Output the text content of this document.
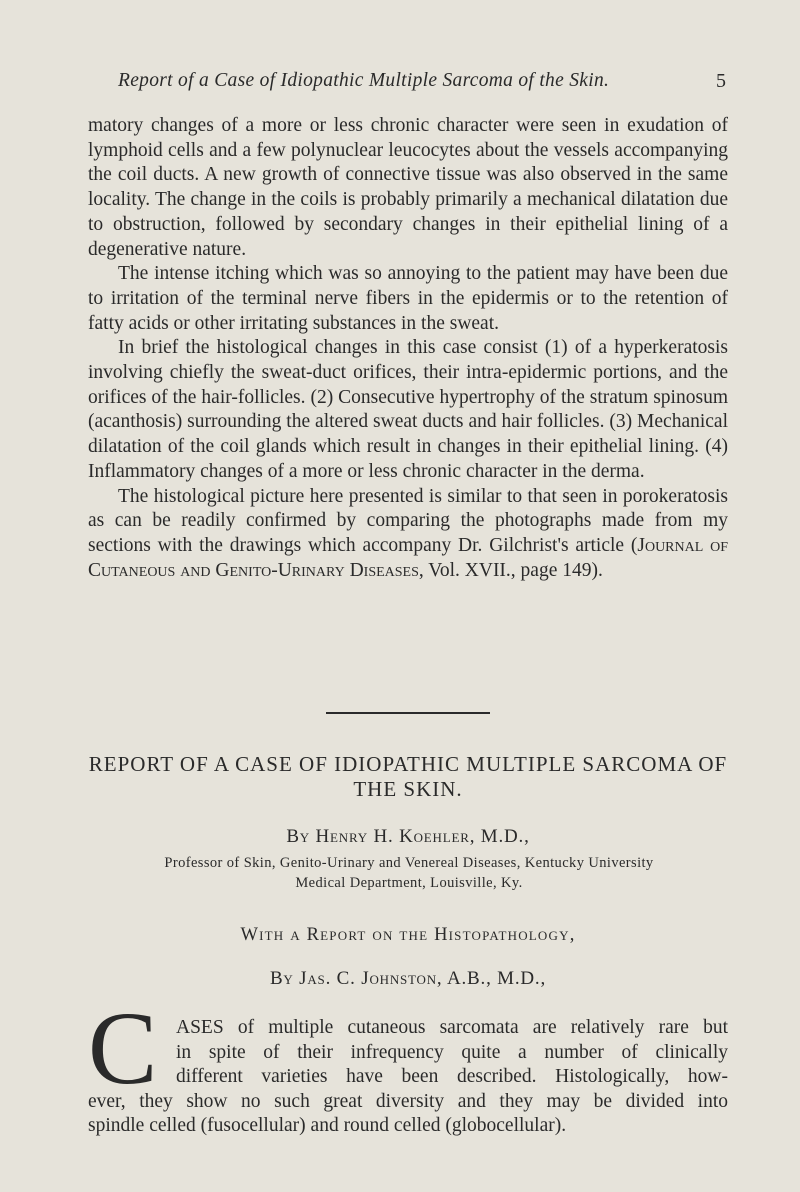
Report of a Case of Idiopathic Multiple Sarcoma of the Skin.	5

matory changes of a more or less chronic character were seen in exudation of lymphoid cells and a few polynuclear leucocytes about the vessels accompanying the coil ducts. A new growth of connective tissue was also observed in the same locality. The change in the coils is probably primarily a mechanical dilatation due to obstruction, followed by secondary changes in their epithelial lining of a degenerative nature.

The intense itching which was so annoying to the patient may have been due to irritation of the terminal nerve fibers in the epidermis or to the retention of fatty acids or other irritating substances in the sweat.

In brief the histological changes in this case consist (1) of a hyperkeratosis involving chiefly the sweat-duct orifices, their intra-epidermic portions, and the orifices of the hair-follicles. (2) Consecutive hypertrophy of the stratum spinosum (acanthosis) surrounding the altered sweat ducts and hair follicles. (3) Mechanical dilatation of the coil glands which result in changes in their epithelial lining. (4) Inflammatory changes of a more or less chronic character in the derma.

The histological picture here presented is similar to that seen in porokeratosis as can be readily confirmed by comparing the photographs made from my sections with the drawings which accompany Dr. Gilchrist's article (Journal of Cutaneous and Genito-Urinary Diseases, Vol. XVII., page 149).

REPORT OF A CASE OF IDIOPATHIC MULTIPLE SARCOMA OF THE SKIN.
By Henry H. Koehler, M.D.,
Professor of Skin, Genito-Urinary and Venereal Diseases, Kentucky University
Medical Department, Louisville, Ky.
With a Report on the Histopathology,
By Jas. C. Johnston, A.B., M.D.,
C ASES of multiple cutaneous sarcomata are relatively rare but
in spite of their infrequency quite a number of clinically
different varieties have been described. Histologically, how-
ever, they show no such great diversity and they may be divided into
spindle celled (fusocellular) and round celled (globocellular).
